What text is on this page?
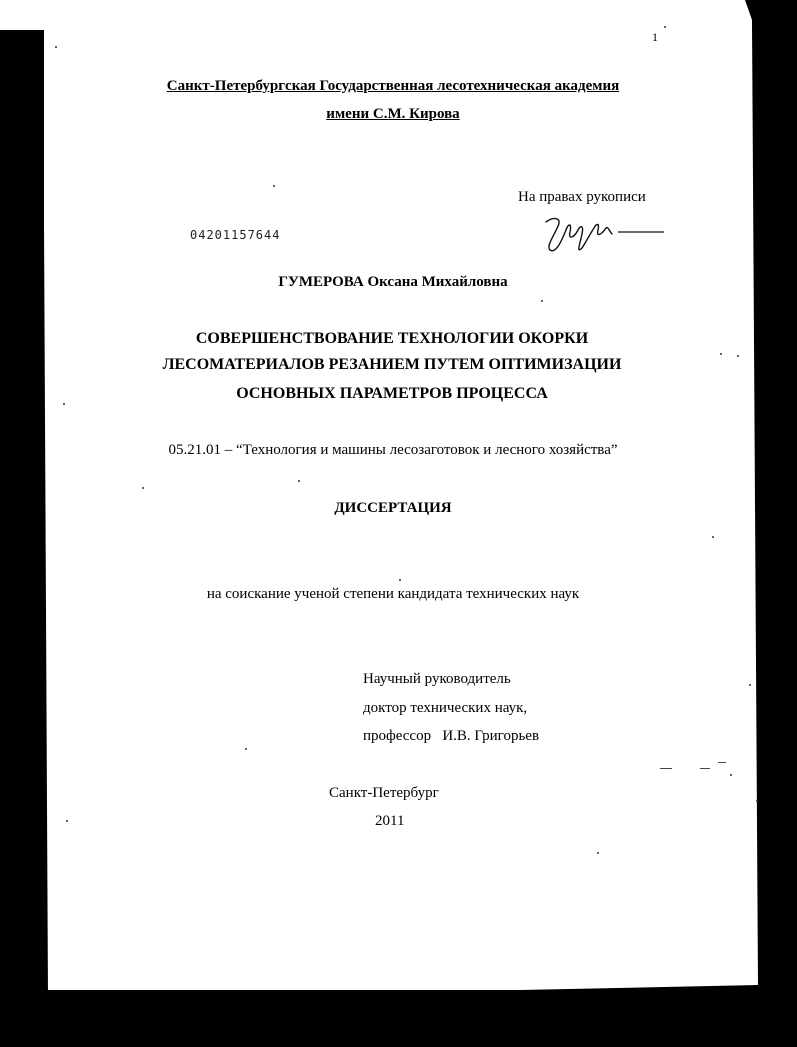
1
Санкт-Петербургская Государственная лесотехническая академия
имени С.М. Кирова
На правах рукописи
04201157644
ГУМЕРОВА Оксана Михайловна
СОВЕРШЕНСТВОВАНИЕ ТЕХНОЛОГИИ ОКОРКИ
ЛЕСОМАТЕРИАЛОВ РЕЗАНИЕМ ПУТЕМ ОПТИМИЗАЦИИ
ОСНОВНЫХ ПАРАМЕТРОВ ПРОЦЕССА
05.21.01 – “Технология и машины лесозаготовок и лесного хозяйства”
ДИССЕРТАЦИЯ
на соискание ученой степени кандидата технических наук
Научный руководитель
доктор технических наук,
профессор   И.В. Григорьев
Санкт-Петербург
2011
